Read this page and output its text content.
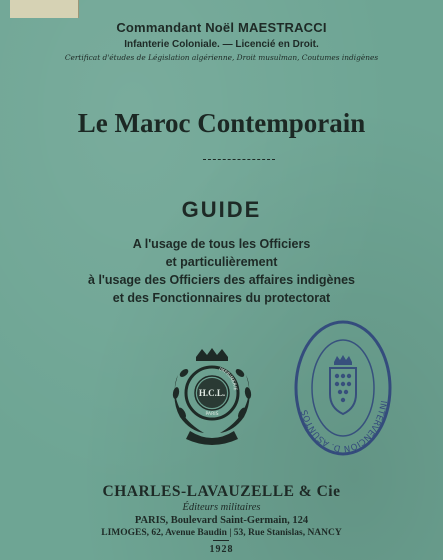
Commandant Noël MAESTRACCI
Infanterie Coloniale. — Licencié en Droit.
Certificat d'études de Législation algérienne, Droit musulman, Coutumes indigènes
Le Maroc Contemporain
GUIDE
A l'usage de tous les Officiers
et particulièrement
à l'usage des Officiers des affaires indigènes
et des Fonctionnaires du protectorat
IMPRIMERIE
H.C.L.
PARIS
INTERVENCIÓN D. ASUNTOS
CHARLES-LAVAUZELLE & Cie
Éditeurs militaires
PARIS, Boulevard Saint-Germain, 124
LIMOGES, 62, Avenue Baudin | 53, Rue Stanislas, NANCY
1928
